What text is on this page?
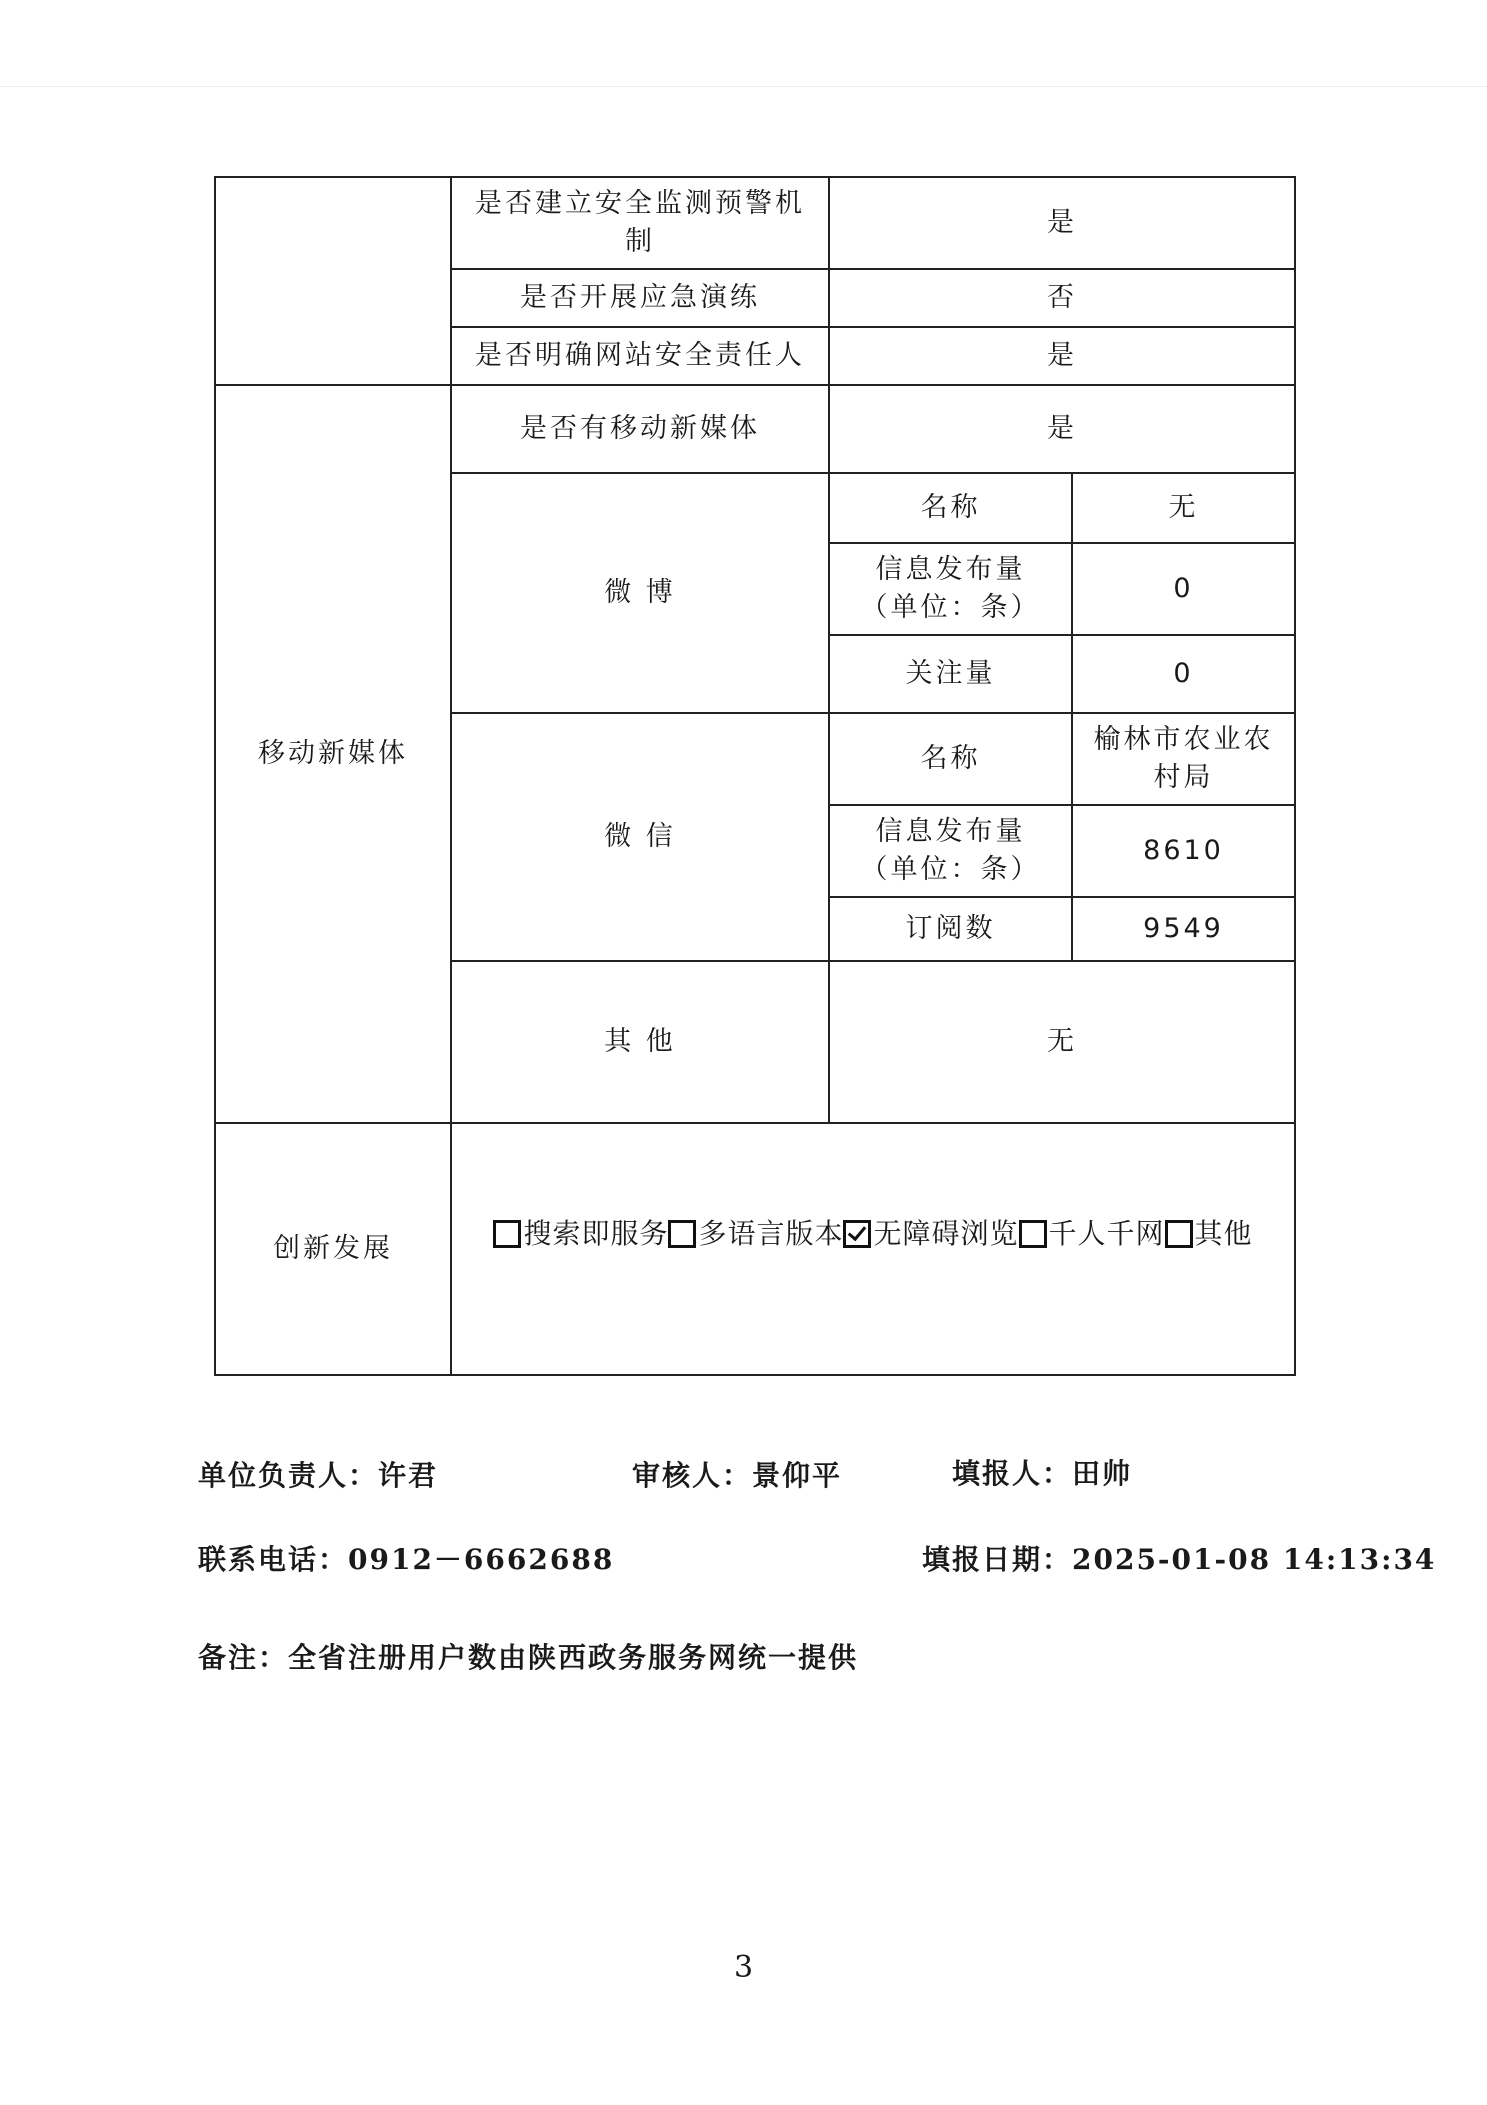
	是否建立安全监测预警机制	是	
	是否开展应急演练	否	
	是否明确网站安全责任人	是	
移动新媒体	是否有移动新媒体	是	
	微 博	名称	无

		信息发布量
（单位：条）	0
		关注量	0
	微 信	名称	榆林市农业农村局

		信息发布量
（单位：条）	8610
		订阅数	9549
	其 他	无	
创新发展	搜索即服务 多语言版本 无障碍浏览 千人千网 其他		
单位负责人：许君	审核人：景仰平	填报人：田帅
联系电话：0912－6662688	填报日期：2025-01-08 14:13:34
备注：全省注册用户数由陕西政务服务网统一提供
3
